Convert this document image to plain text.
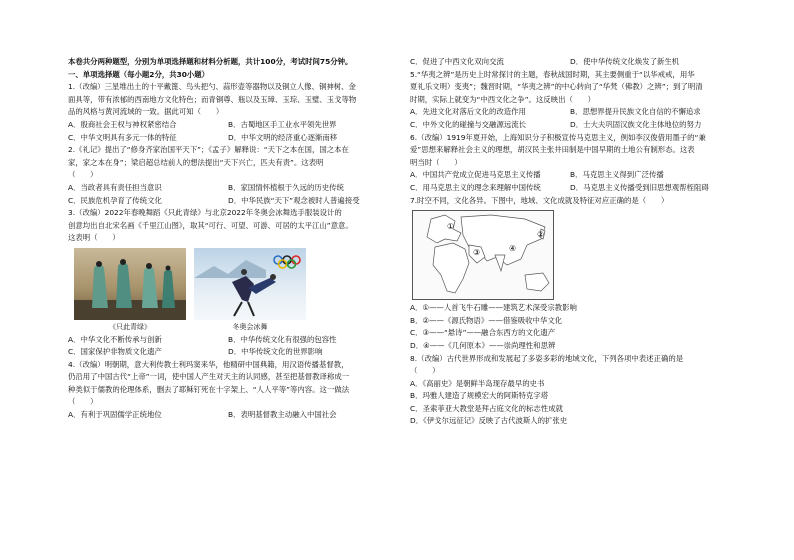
本卷共分两种题型，分别为单项选择题和材料分析题，共计100分，考试时间75分钟。
一、单项选择题（每小题2分，共30小题）
1.（改编）三星堆出土的十平戴篦、鸟头把勺、蒜形壶等器物以及铜立人像、铜神树、金
面具等，带有浓郁的西南地方文化特色；而青铜尊、瓶以及玉璋、玉琮、玉璧、玉戈等物
品的风格与黄河流域的一致。据此可知（　　）
A．殷商社会王权与神权紧密结合	B．古蜀地区手工业水平领先世界
C．中华文明具有多元一体的特征	D．中华文明的经济重心逐渐南移
2.《礼记》提出了“修身齐家治国平天下”；《孟子》解释说：“天下之本在国，国之本在
家，家之本在身”；梁启超总结前人的想法提出“天下兴亡，匹夫有责”。这表明
（　　）
A．当政者具有责任担当意识	B．家国情怀植根于久远的历史传统
C．民族危机孕育了传统文化	D．中华民族“天下”观念被时人普遍接受
3.（改编）2022年春晚舞蹈《只此青绿》与北京2022年冬奥会冰舞选手服装设计的
创意均出自北宋名画《千里江山图》，取其“可行、可望、可游、可居的太平江山”意意。
这表明（　　）
《只此青绿》	冬奥会冰舞
A．中华文化不断传承与创新	B．中华传统文化有很强的包容性
C．国家保护非物质文化遗产	D．中华传统文化的世界影响
4.（改编）明朝期，意大利传教士利玛窦来华，他精研中国典籍，用汉语传播基督教，
仍沿用了中国古代“上帝”一词，使中国人产生对天主的认同感，甚至把基督教译称成一
种类似于儒教的伦理体系，删去了耶稣钉死在十字架上、“人人平等”等内容。这一做法
（　　）
A．有利于巩固儒学正统地位	B．表明基督教主动融入中国社会
C．促进了中西文化双向交流	D．使中华传统文化焕发了新生机
5.“华夷之辨”是历史上时常探讨的主题，春秋战国时期，其主要侧重于“以华戒戒，用华
夏礼乐文明）变夷”；魏晋时期，“华夷之辨”的中心转向了“华梵（佛教）之辨”；到了明清
时期，实际上就变为“中西文化之争”。这反映出（　　）
A．先进文化对落后文化的改造作用	B．思想界提升民族文化自信的不懈追求
C．中外文化的碰撞与交融源远流长	D．士大夫巩固汉族文化主体地位的努力
6.（改编）1919年夏开始，上海知识分子积极宣传马克思主义，例如李汉俊借用墨子的“兼
爱”思想来解释社会主义的理想，胡汉民主张井田制是中国早期的土地公有制形态。这表
明当时（　　）
A．中国共产党成立促进马克思主义传播	B．马克思主义得到广泛传播
C．用马克思主义的理念来理解中国传统	D．马克思主义传播受到旧思想观帮桎阻碍
7.时空不同，文化各异。下图中，地域、文化成就及特征对应正确的是（　　）
①
②
③	④
A．①——人首飞牛石雕——建筑艺术深受宗教影响
B．②——《源氏物语》——借鉴吸收中华文化
C．③——“悬诗”——融合东西方的文化遗产
D．④——《几何原本》——崇尚理性和思辨
8.（改编）古代世界形成和发展起了多姿多彩的地域文化，下列各项中表述正确的是
（　　）
A．《高丽史》是朝鲜半岛现存最早的史书
B．玛雅人建造了规模宏大的阿斯特克字塔
C．圣索菲亚大教堂是拜占庭文化的标志性成就
D．《伊戈尔远征记》反映了古代波斯人的扩张史
